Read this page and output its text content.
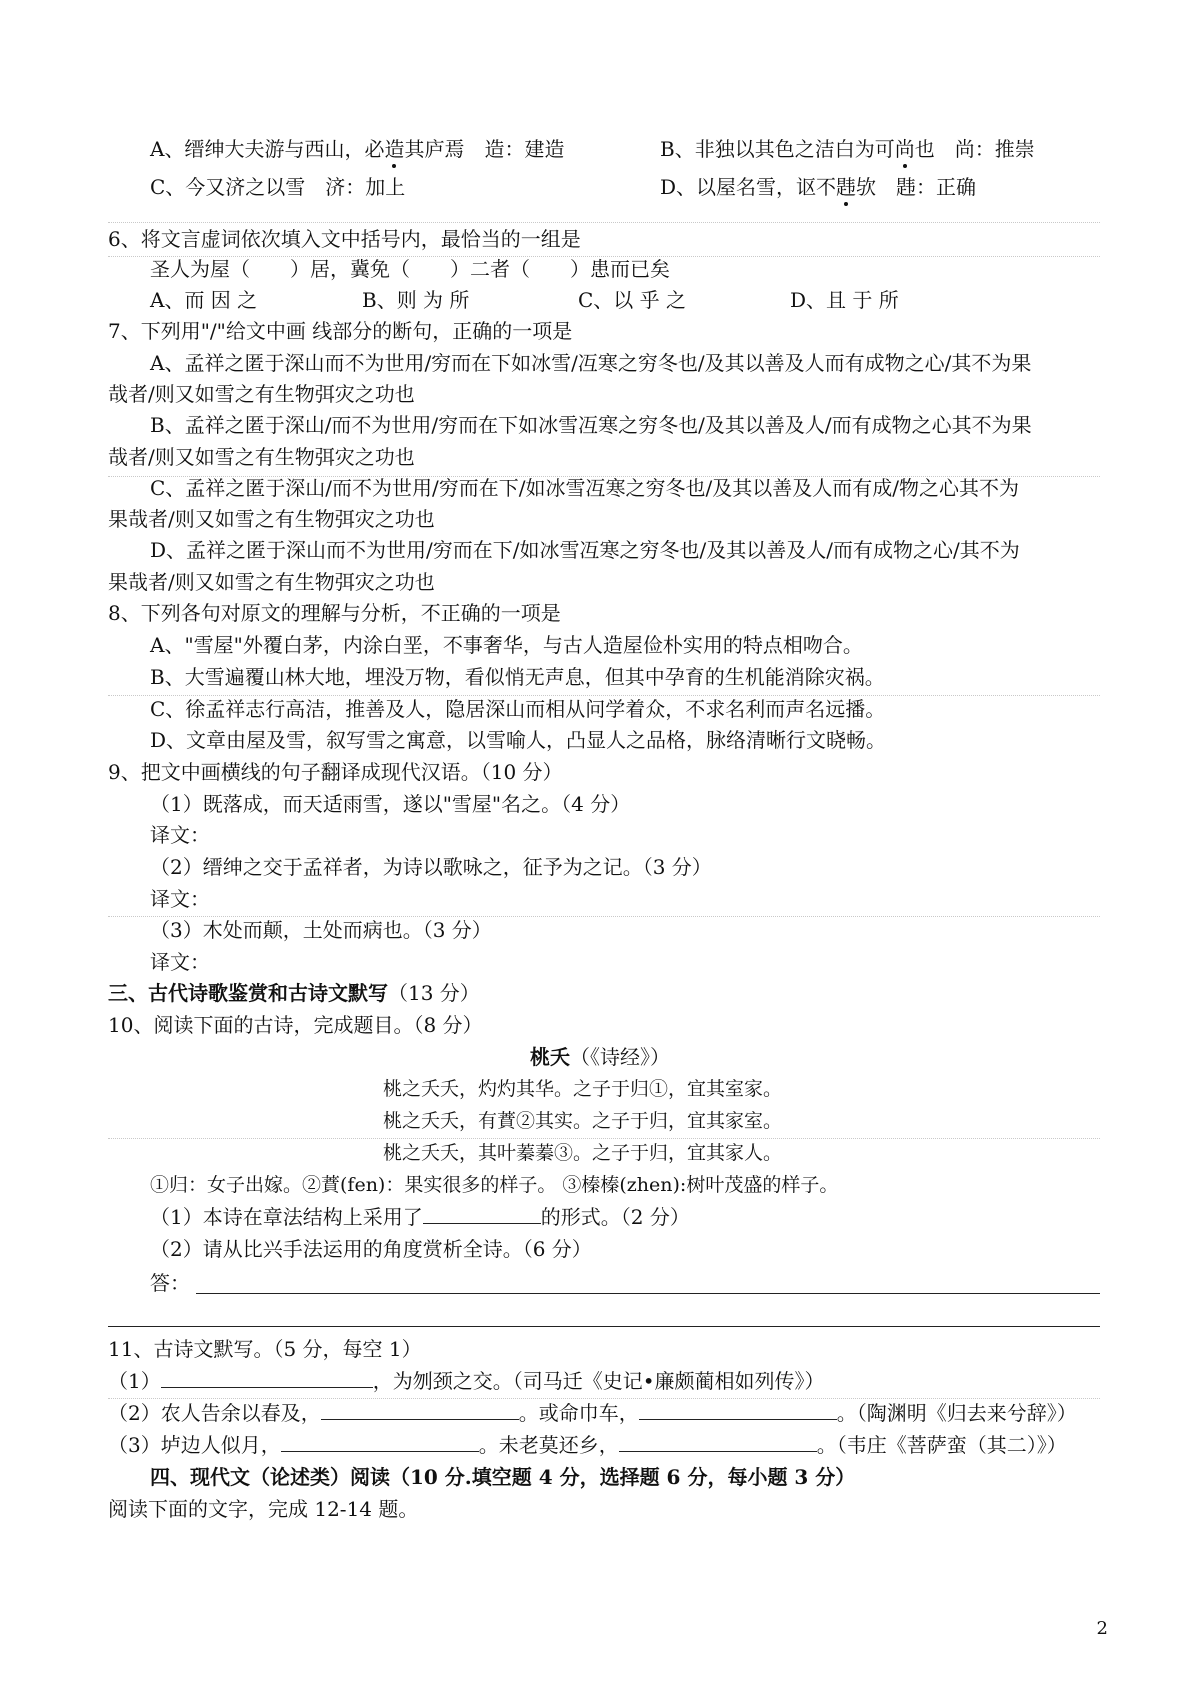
A、缙绅大夫游与西山，必造其庐焉　造：建造	B、非独以其色之洁白为可尚也　尚：推崇
C、今又济之以雪　济：加上	D、以屋名雪，讴不韪欤　韪：正确
6、将文言虚词依次填入文中括号内，最恰当的一组是
圣人为屋（　　）居，冀免（　　）二者（　　）患而已矣
A、而 因 之	B、则 为 所	C、以 乎 之	D、且 于 所
7、下列用"/"给文中画 线部分的断句，正确的一项是
A、孟祥之匿于深山而不为世用/穷而在下如冰雪/冱寒之穷冬也/及其以善及人而有成物之心/其不为果
哉者/则又如雪之有生物弭灾之功也
B、孟祥之匿于深山/而不为世用/穷而在下如冰雪冱寒之穷冬也/及其以善及人/而有成物之心其不为果
哉者/则又如雪之有生物弭灾之功也
C、孟祥之匿于深山/而不为世用/穷而在下/如冰雪冱寒之穷冬也/及其以善及人而有成/物之心其不为
果哉者/则又如雪之有生物弭灾之功也
D、孟祥之匿于深山而不为世用/穷而在下/如冰雪冱寒之穷冬也/及其以善及人/而有成物之心/其不为
果哉者/则又如雪之有生物弭灾之功也
8、下列各句对原文的理解与分析，不正确的一项是
A、"雪屋"外覆白茅，内涂白垩，不事奢华，与古人造屋俭朴实用的特点相吻合。
B、大雪遍覆山林大地，埋没万物，看似悄无声息，但其中孕育的生机能消除灾祸。
C、徐孟祥志行高洁，推善及人，隐居深山而相从问学着众，不求名利而声名远播。
D、文章由屋及雪，叙写雪之寓意，以雪喻人，凸显人之品格，脉络清晰行文晓畅。
9、把文中画横线的句子翻译成现代汉语。（10 分）
（1）既落成，而天适雨雪，遂以"雪屋"名之。（4 分）
译文：
（2）缙绅之交于孟祥者，为诗以歌咏之，征予为之记。（3 分）
译文：
（3）木处而颠，土处而病也。（3 分）
译文：
三、古代诗歌鉴赏和古诗文默写（13 分）
10、阅读下面的古诗，完成题目。（8 分）
桃夭（《诗经》）
桃之夭夭，灼灼其华。之子于归①，宜其室家。
桃之夭夭，有蕡②其实。之子于归，宜其家室。
桃之夭夭，其叶蓁蓁③。之子于归，宜其家人。
①归：女子出嫁。②蕡(fen)：果实很多的样子。 ③榛榛(zhen):树叶茂盛的样子。
（1）本诗在章法结构上采用了	的形式。（2 分）
（2）请从比兴手法运用的角度赏析全诗。（6 分）
答：
11、古诗文默写。（5 分，每空 1）
（1）	，为刎颈之交。（司马迁《史记•廉颇蔺相如列传》）
（2）农人告余以春及，	。或命巾车，	。（陶渊明《归去来兮辞》）
（3）垆边人似月，	。未老莫还乡，	。（韦庄《菩萨蛮（其二）》）
四、现代文（论述类）阅读（10 分.填空题 4 分，选择题 6 分，每小题 3 分）
阅读下面的文字，完成 12-14 题。
2
